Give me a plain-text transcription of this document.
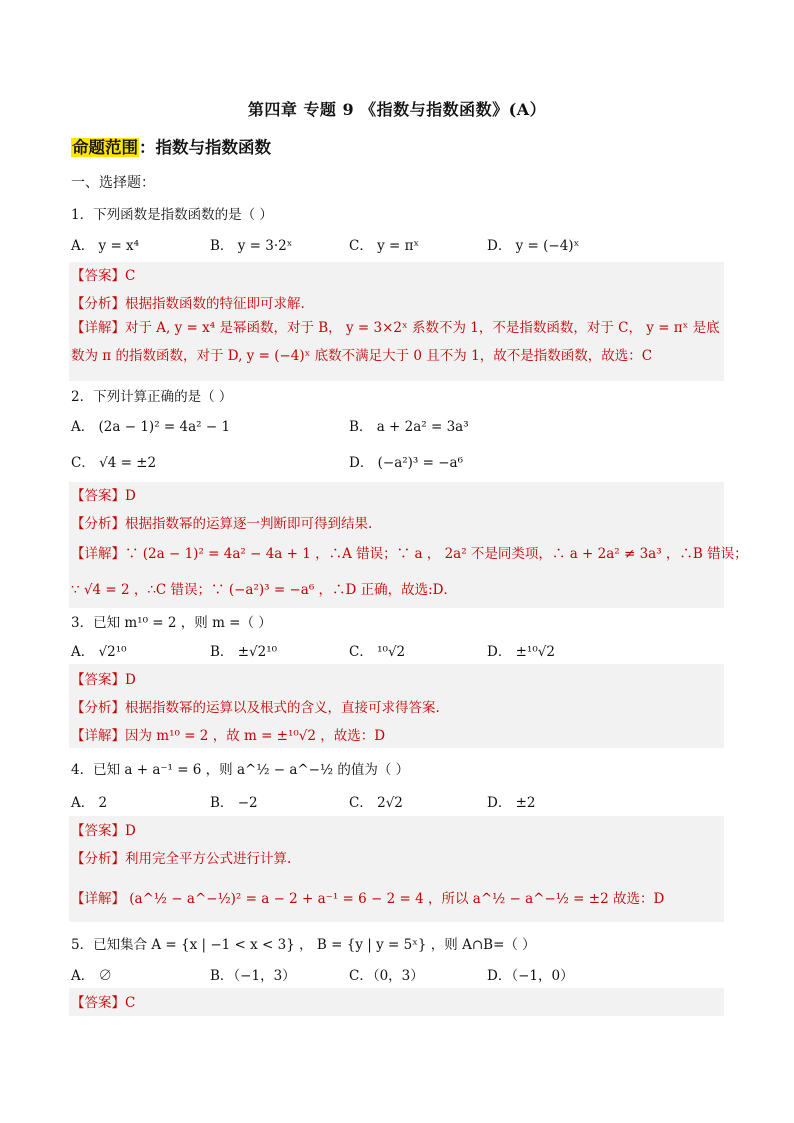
第四章 专题 9 《指数与指数函数》(A）
命题范围：指数与指数函数
一、选择题：
1．下列函数是指数函数的是（ ）
A． y = x⁴	B． y = 3·2ˣ	C． y = πˣ	D． y = (−4)ˣ
【答案】C
【分析】根据指数函数的特征即可求解.
【详解】对于 A, y = x⁴ 是幂函数，对于 B， y = 3×2ˣ 系数不为 1，不是指数函数，对于 C， y = πˣ 是底数为 π 的指数函数，对于 D, y = (−4)ˣ 底数不满足大于 0 且不为 1，故不是指数函数，故选：C
2．下列计算正确的是（ ）
A． (2a − 1)² = 4a² − 1	B． a + 2a² = 3a³
C． √4 = ±2	D． (−a²)³ = −a⁶
【答案】D
【分析】根据指数幂的运算逐一判断即可得到结果.
【详解】∵ (2a − 1)² = 4a² − 4a + 1 ，∴A 错误；∵ a ， 2a² 不是同类项，∴ a + 2a² ≠ 3a³ ，∴B 错误；
∵ √4 = 2 ，∴C 错误；∵ (−a²)³ = −a⁶ ，∴D 正确，故选:D．
3．已知 m¹⁰ = 2 ，则 m =（ ）
A． √2¹⁰	B． ±√2¹⁰	C． ¹⁰√2	D． ±¹⁰√2
【答案】D
【分析】根据指数幂的运算以及根式的含义，直接可求得答案.
【详解】因为 m¹⁰ = 2 ，故 m = ±¹⁰√2 ，故选：D
4．已知 a + a⁻¹ = 6 ，则 a^½ − a^−½ 的值为（ ）
A． 2	B． −2	C． 2√2	D． ±2
【答案】D
【分析】利用完全平方公式进行计算.
【详解】 (a^½ − a^−½)² = a − 2 + a⁻¹ = 6 − 2 = 4 ，所以 a^½ − a^−½ = ±2 故选：D
5．已知集合 A = {x | −1 < x < 3} ， B = {y | y = 5ˣ} ，则 A∩B=（ ）
A． ∅	B．（−1，3）	C．（0，3）	D．（−1，0）
【答案】C
